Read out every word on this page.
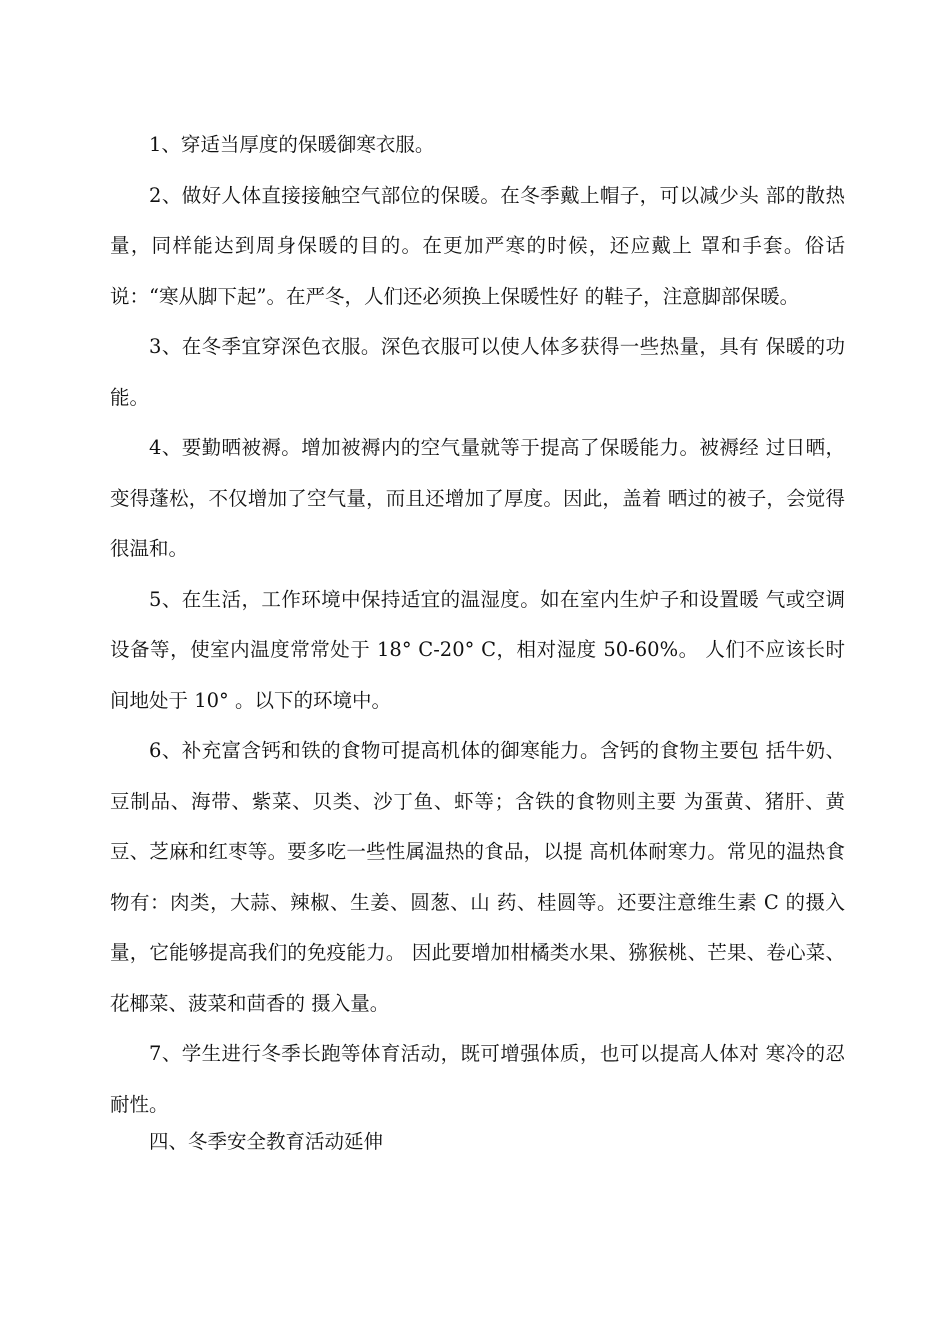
1、穿适当厚度的保暖御寒衣服。

2、做好人体直接接触空气部位的保暖。在冬季戴上帽子，可以减少头 部的散热量，同样能达到周身保暖的目的。在更加严寒的时候，还应戴上 罩和手套。俗话说：“寒从脚下起”。在严冬，人们还必须换上保暖性好 的鞋子，注意脚部保暖。

3、在冬季宜穿深色衣服。深色衣服可以使人体多获得一些热量，具有 保暖的功能。

4、要勤晒被褥。增加被褥内的空气量就等于提高了保暖能力。被褥经 过日晒，变得蓬松，不仅增加了空气量，而且还增加了厚度。因此，盖着 晒过的被子，会觉得很温和。

5、在生活，工作环境中保持适宜的温湿度。如在室内生炉子和设置暖 气或空调设备等，使室内温度常常处于 18° C-20° C，相对湿度 50-60%。 人们不应该长时间地处于 10° 。以下的环境中。

6、补充富含钙和铁的食物可提高机体的御寒能力。含钙的食物主要包 括牛奶、豆制品、海带、紫菜、贝类、沙丁鱼、虾等；含铁的食物则主要 为蛋黄、猪肝、黄豆、芝麻和红枣等。要多吃一些性属温热的食品，以提 高机体耐寒力。常见的温热食物有：肉类，大蒜、辣椒、生姜、圆葱、山 药、桂圆等。还要注意维生素 C 的摄入量，它能够提高我们的免疫能力。 因此要增加柑橘类水果、猕猴桃、芒果、卷心菜、花椰菜、菠菜和茴香的 摄入量。

7、学生进行冬季长跑等体育活动，既可增强体质，也可以提高人体对 寒冷的忍耐性。

四、冬季安全教育活动延伸
